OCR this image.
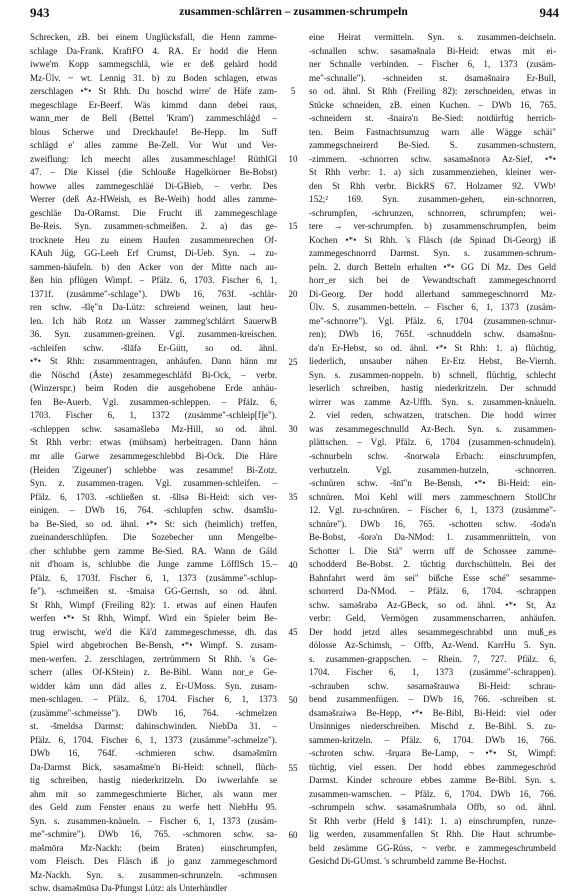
943	zusammen-schlärren – zusammen-schrumpeln	944
Schrecken, zB. bei einem Unglücksfall, die Henn zamme-
schlage Da-Frank. KraftFO 4. RA. Er hodd die Henn
iwwe'm Kopp sammegschlä, wie er deß gehärd hodd
Mz-Ülv. ~ wt. Lennig 31. b) zu Boden schlagen, etwas
zerschlagen •*• St Rhh. Du hoschd wirre' de Häfe zam-
megeschlage Er-Beerf. Wäs kimmd dann debei raus,
wann_mer de Bell (Bettel 'Kram') zammeschläģd –
blous Scherwe und Dreckhaufe! Be-Hepp. Im Suff
schlägd e' alles zamme Be-Zell. Vor Wut und Ver-
zweiflung: Ich meecht alles zusammeschlage! RüthlGl
47. – Die Kissel (die Schlouße Hagelkörner Be-Bobst)
howwe alles zammegeschläé Di-GBieb, – verbr. Des
Werrer (deß Az-HWeish, es Be-Weih) hodd alles zamme-
geschläe Da-ORamst. Die Frucht iß zammegeschlage
Be-Reis. Syn. zusammen-schmeißen. 2. a) das ge-
trocknete Heu zu einem Haufen zusammenrechen Of-
KAuh Jüg, GG-Leeh Erf Crumst, Di-Ueb. Syn. → zu-
sammen-häufeln. b) den Acker von der Mitte nach au-
ßen hin pflügen Wimpf. – Pfälz. 6, 1703. Fischer 6, 1,
1371f. (zusämme"-schlage"). DWb 16, 763f. -schlär-
ren schw. -šlę"n Da-Lütz: schreiend weinen, laut heu-
len. Ich häb Rotz un Wasser zammeg'schlärrt SauerwB
36. Syn. zusammen-greinen. Vgl. zusammen-kreischen.
-schleifen schw. -šlāfə Er-Gütt, so od. ähnl.
•*• St Rhh: zusammentragen, anhäufen. Dann hänn mr
die Nöschd (Äste) zesammegeschläfd Bi-Ock, – verbr.
(Winzerspr.) beim Roden die ausgehobene Erde anhäu-
fen Be-Auerb. Vgl. zusammen-schleppen. – Pfälz. 6,
1703. Fischer 6, 1, 1372 (zusämme"-schleip[f]e").
-schleppen schw. səsaməšlebə Mz-Hill, so od. ähnl.
St Rhh verbr: etwas (mühsam) herbeitragen. Dann hänn
mr alle Garwe zesammegeschlebbd Bi-Ock. Die Häre
(Heiden 'Zigeuner') schlebbe was zesamme! Bi-Zotz.
Syn. z. zusammen-tragen. Vgl. zusammen-schleifen. –
Pfälz. 6, 1703. -schließen st. -šlīsə Bi-Heid: sich ver-
einigen. – DWb 16, 764. -schlupfen schw. dsamšlu-
bə Be-Sied, so od. ähnl. •*• St: sich (heimlich) treffen,
zueinanderschlüpfen. Die Sozebecher unn Mengelbe-
cher schlubbe gern zamme Be-Sied. RA. Wann de Gäld
nit d'hoam is, schlubbe die Junge zamme LöfflSch 15.–
Pfälz. 6, 1703f. Fischer 6, 1, 1373 (zusämme"-schlup-
fe"). -schmeißen st. -šmaisə GG-Gernsh, so od. ähnl.
St Rhh, Wimpf (Freiling 82): 1. etwas auf einen Haufen
werfen •*• St Rhh, Wimpf. Wird ein Spieler beim Be-
trug erwischt, we'd die Kä'd zammegeschmesse, dh. das
Spiel wird abgebrochen Be-Bensh, •*• Wimpf. S. zusam-
men-werfen. 2. zerschlagen, zertrümmern St Rhh. 's Ge-
scherr (alles Of-KStein) z. Be-Bibl. Wann nor_e Ge-
widder käm unn däd alles z. Er-UMoss. Syn. zusam-
men-schlagen. – Pfälz. 6, 1704. Fischer 6, 1, 1373
(zusämme"-schmeisse"). DWb 16, 764. -schmelzen
st. -šmeldsə Darmst: dahinschwinden. NiebDa 31. –
Pfälz. 6, 1704. Fischer 6, 1, 1373 (zusämme"-schmelze").
DWb 16, 764f. -schmieren schw. dsaməšmīrn
Da-Darmst Bick, səsaməšme'n Bi-Heid: schnell, flüch-
tig schreiben, hastig niederkritzeln. Do iwwerlahfe se
ahm mit so zammegeschmierte Bicher, als wann mer
des Geld zum Fenster enaus zu werfe hett NiebHu 95.
Syn. s. zusammen-knäueln. – Fischer 6, 1, 1373 (zusäm-
me"-schmire"). DWb 16, 765. -schmoren schw. sa-
məšmōrə Mz-Nackh: (beim Braten) einschrumpfen,
vom Fleisch. Des Fläsch iß jo ganz zammegeschmord
Mz-Nackh. Syn. s. zusammen-schrunzeln. -schmusen
schw. dsaməšmūsə Da-Pfungst Lütz: als Unterhändler
5
10
15
20
25
30
35
40
45
50
55
60
eine Heirat vermitteln. Syn. s. zusammen-deichseln.
-schnallen schw. səsaməšnalə Bi-Heid: etwas mit ei-
ner Schnalle verbinden. – Fischer 6, 1, 1373 (zusäm-
me"-schnalle"). -schneiden st. dsaməšnairə Er-Bull,
so od. ähnl. St Rhh (Freiling 82): zerschneiden, etwas in
Stücke schneiden, zB. einen Kuchen. – DWb 16, 765.
-schneidern st. -šnairə'n Be-Sied: notdürftig herrich-
ten. Beim Fastnachtsumzug warn alle Wägge schäi"
zammegschneirerd Be-Sied. S. zusammen-schustern,
-zimmern. -schnorren schw. səsaməšnorə Az-Sief, •*•
St Rhh verbr: 1. a) sich zusammenziehen, kleiner wer-
den St Rhh verbr. BickRS 67. Holzamer 92. VWb¹
152;² 169. Syn. zusammen-gehen, ein-schnorren,
-schrumpfen, -schrunzen, schnorren, schrumpfen; wei-
tere → ver-schrumpfen. b) zusammenschrumpfen, beim
Kochen •*• St Rhh. 's Fläsch (de Spinad Di-Georg) iß
zammegeschnorrd Darmst. Syn. s. zusammen-schrum-
peln. 2. durch Betteln erhalten •*• GG Di Mz. Des Geld
horr_er sich bei de Vewandtschaft zammegeschnorrd
Di-Georg. Der hodd allerhand sammegeschnorrd Mz-
Ülv. S. zusammen-betteln. – Fischer 6, 1, 1373 (zusäm-
me"-schnorre"). Vgl. Pfälz. 6, 1704 (zusammen-schnur-
ren); DWb 16, 765f. -schnuddeln schw. dsaməšnu-
də'n Er-Hebst, so od. ähnl. •*• St Rhh: 1. a) flüchtig,
liederlich, unsauber nähen Er-Etz Hebst, Be-Viernh.
Syn. s. zusammen-noppeln. b) schnell, flüchtig, schlecht
leserlich schreiben, hastig niederkritzeln. Der schnudd
wirrer was zamme Az-Uffh. Syn. s. zusammen-knäueln.
2. viel reden, schwatzen, tratschen. Die hodd wirrer
was zesammegeschnulld Az-Bech. Syn. s. zusammen-
plättschen. – Vgl. Pfälz. 6, 1704 (zusammen-schnudeln).
-schnurbeln schw. -šnorwələ Erbach: einschrumpfen,
verhutzeln. Vgl. zusammen-hutzeln, -schnorren.
-schnüren schw. -šnī"n Be-Bensh, •*• Bi-Heid: ein-
schnüren. Moi Kehl will mers zammeschnern StollChr
12. Vgl. zu-schnüren. – Fischer 6, 1, 1373 (zusämme"-
schnüre"). DWb 16, 765. -schotten schw. -šodə'n
Be-Bobst, -šorə'n Da-NMod: 1. zusammenrütteln, von
Schotter l. Die Stä" werrn uff de Schossee zamme-
schodderd Be-Bobst. 2. tüchtig durchschütteln. Bei der
Bahnfahrt werd äm sei" bißche Esse sché" sesamme-
schorrerd Da-NMod. – Pfälz. 6, 1704. -schrappen
schw. saməšrabə Az-GBeck, so od. ähnl. •*• St, Az
verbr: Geld, Vermögen zusammenscharren, anhäufen.
Der hodd jetzd alles sesammegeschrabbd unn muß_es
dölosse Az-Schimsh, – Offb, Az-Wend. KarrHu 5. Syn.
s. zusammen-grappschen. – Rhein. 7, 727. Pfälz. 6,
1704. Fischer 6, 1, 1373 (zusämme"-schrappen).
-schrauben schw. səsaməšrauwə Bi-Heid: schrau-
bend zusammenfügen. – DWb 16, 766. -schreiben st.
dsaməšraiwə Be-Hepp, •*• Be-Bibl, Bi-Heid: viel oder
Unsinniges niederschreiben. Mischd z. Be-Bibl. S. zu-
sammen-kritzeln. – Pfälz. 6, 1704. DWb 16, 766.
-schroten schw. -šrụarə Be-Lamp, ~ •*• St, Wimpf:
tüchtig, viel essen. Der hodd ebbes zammegeschröd
Darmst. Kinder schroure ebbes zamme Be-Bibl. Syn. s.
zusammen-wamschen. – Pfälz. 6, 1704. DWb 16, 766.
-schrumpeln schw. səsaməšrumbələ Offb, so od. ähnl.
St Rhh verbr (Held § 141): 1. a) einschrumpfen, runze-
lig werden, zusammenfallen St Rhh. Die Haut schrumbe-
beld zesämme GG-Rüss, ~ verbr. e zammegeschrumbeld
Gesichd Di-GUmst. 's schrumbeld zamme Be-Hochst.
